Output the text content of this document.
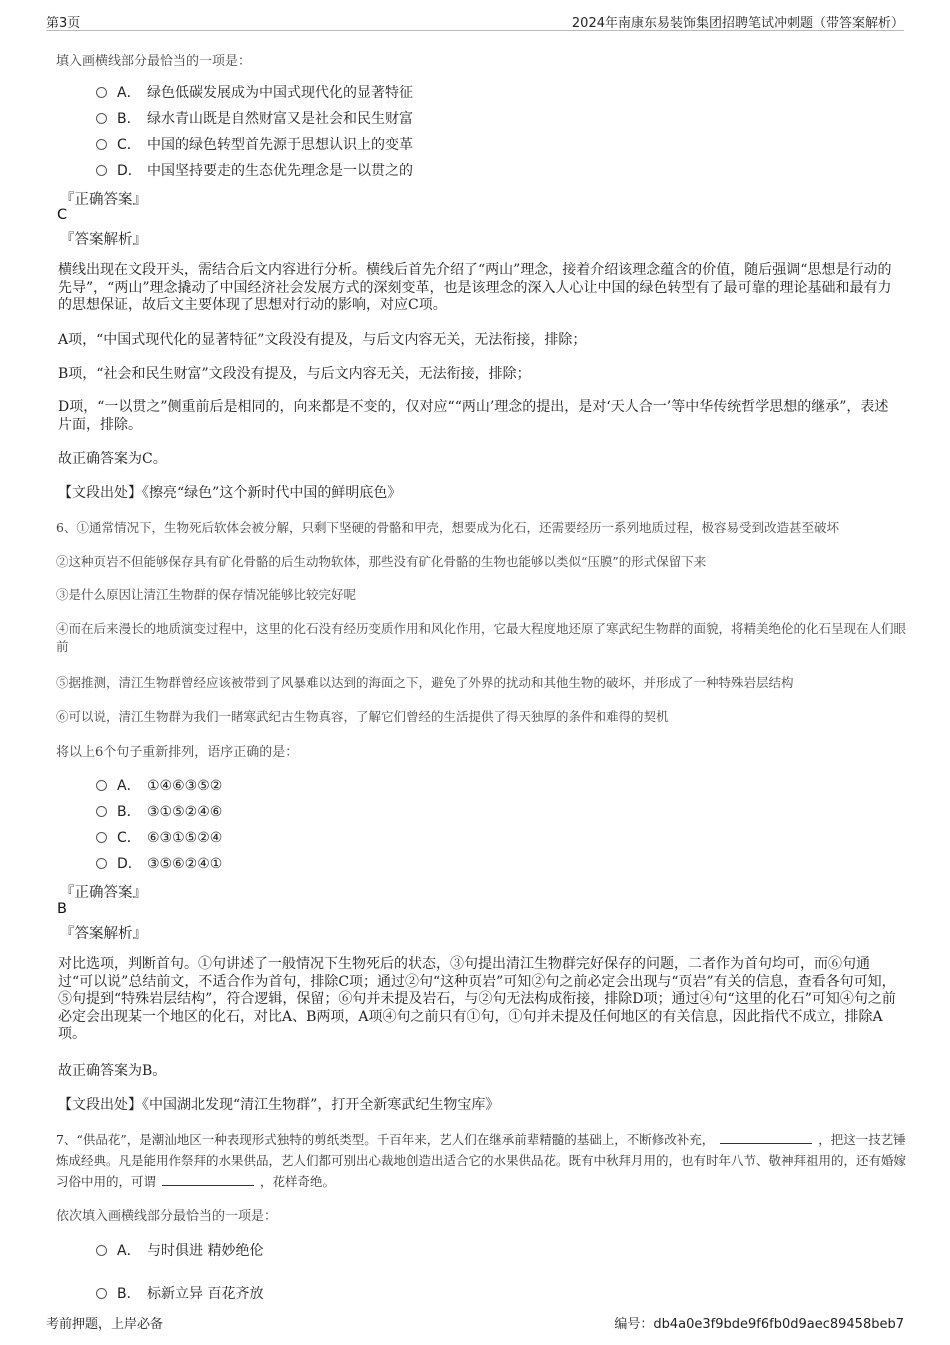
第3页	2024年南康东易装饰集团招聘笔试冲刺题（带答案解析）
填入画横线部分最恰当的一项是：
A． 绿色低碳发展成为中国式现代化的显著特征
B． 绿水青山既是自然财富又是社会和民生财富
C． 中国的绿色转型首先源于思想认识上的变革
D． 中国坚持要走的生态优先理念是一以贯之的
『正确答案』
C
『答案解析』
横线出现在文段开头，需结合后文内容进行分析。横线后首先介绍了“两山”理念，接着介绍该理念蕴含的价值，随后强调“思想是行动的先导”，“两山”理念撬动了中国经济社会发展方式的深刻变革，也是该理念的深入人心让中国的绿色转型有了最可靠的理论基础和最有力的思想保证，故后文主要体现了思想对行动的影响，对应C项。
A项，“中国式现代化的显著特征”文段没有提及，与后文内容无关，无法衔接，排除；
B项，“社会和民生财富”文段没有提及，与后文内容无关，无法衔接，排除；
D项，“一以贯之”侧重前后是相同的，向来都是不变的，仅对应““两山’理念的提出，是对‘天人合一’等中华传统哲学思想的继承”，表述片面，排除。
故正确答案为C。
【文段出处】《擦亮“绿色”这个新时代中国的鲜明底色》
6、①通常情况下，生物死后软体会被分解，只剩下坚硬的骨骼和甲壳，想要成为化石，还需要经历一系列地质过程，极容易受到改造甚至破坏
②这种页岩不但能够保存具有矿化骨骼的后生动物软体，那些没有矿化骨骼的生物也能够以类似“压膜”的形式保留下来
③是什么原因让清江生物群的保存情况能够比较完好呢
④而在后来漫长的地质演变过程中，这里的化石没有经历变质作用和风化作用，它最大程度地还原了寒武纪生物群的面貌，将精美绝伦的化石呈现在人们眼前
⑤据推测，清江生物群曾经应该被带到了风暴难以达到的海面之下，避免了外界的扰动和其他生物的破坏，并形成了一种特殊岩层结构
⑥可以说，清江生物群为我们一睹寒武纪古生物真容，了解它们曾经的生活提供了得天独厚的条件和难得的契机
将以上6个句子重新排列，语序正确的是：
A． ①④⑥③⑤②
B． ③①⑤②④⑥
C． ⑥③①⑤②④
D． ③⑤⑥②④①
『正确答案』
B
『答案解析』
对比选项，判断首句。①句讲述了一般情况下生物死后的状态，③句提出清江生物群完好保存的问题，二者作为首句均可，而⑥句通过“可以说”总结前文，不适合作为首句，排除C项；通过②句“这种页岩”可知②句之前必定会出现与“页岩”有关的信息，查看各句可知，⑤句提到“特殊岩层结构”，符合逻辑，保留；⑥句并未提及岩石，与②句无法构成衔接，排除D项；通过④句“这里的化石”可知④句之前必定会出现某一个地区的化石，对比A、B两项，A项④句之前只有①句，①句并未提及任何地区的有关信息，因此指代不成立，排除A项。
故正确答案为B。
【文段出处】《中国湖北发现“清江生物群”，打开全新寒武纪生物宝库》
7、“供品花”，是潮汕地区一种表现形式独特的剪纸类型。千百年来，艺人们在继承前辈精髓的基础上，不断修改补充，	，把这一技艺锤炼成经典。凡是能用作祭拜的水果供品，艺人们都可别出心裁地创造出适合它的水果供品花。既有中秋拜月用的，也有时年八节、敬神拜祖用的，还有婚嫁习俗中用的，可谓	，花样奇绝。
依次填入画横线部分最恰当的一项是：
A． 与时俱进 精妙绝伦
B． 标新立异 百花齐放
考前押题，上岸必备	编号：db4a0e3f9bde9f6fb0d9aec89458beb7
